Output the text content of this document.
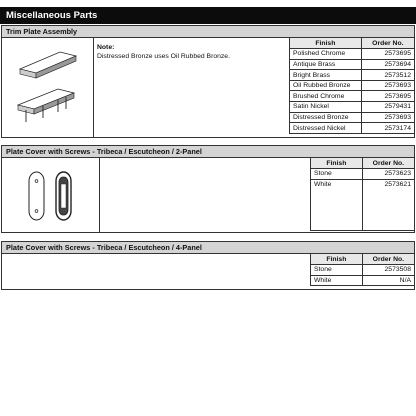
Miscellaneous Parts
Trim Plate Assembly
Note:
Distressed Bronze uses Oil Rubbed Bronze.
Finish	Order No.
Polished Chrome	2573695
Antique Brass	2573694
Bright Brass	2573512
Oil Rubbed Bronze	2573693
Brushed Chrome	2573695
Satin Nickel	2579431
Distressed Bronze	2573693
Distressed Nickel	2573174
Plate Cover with Screws - Tribeca / Escutcheon / 2-Panel
Finish	Order No.
Stone	2573623
White	2573621
Plate Cover with Screws - Tribeca / Escutcheon / 4-Panel
Finish	Order No.
Stone	2573508
White	N/A
